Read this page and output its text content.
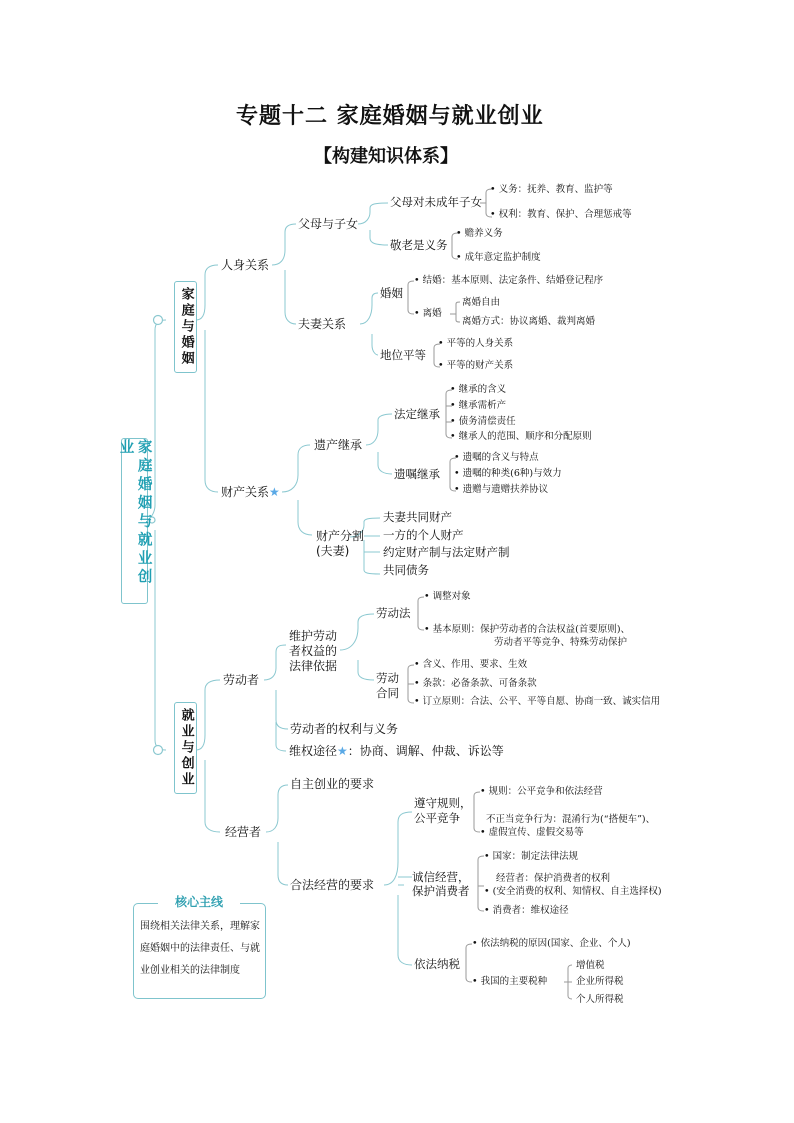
专题十二 家庭婚姻与就业创业
【构建知识体系】
家庭婚姻与就业创业
家庭与婚姻
就业与创业
人身关系
父母与子女
父母对未成年子女
• 义务：抚养、教育、监护等
• 权利：教育、保护、合理惩戒等
敬老是义务
• 赡养义务
• 成年意定监护制度
夫妻关系
婚姻
• 结婚：基本原则、法定条件、结婚登记程序
• 离婚
离婚自由
离婚方式：协议离婚、裁判离婚
地位平等
• 平等的人身关系
• 平等的财产关系
财产关系★
遗产继承
法定继承
• 继承的含义
• 继承需析产
• 债务清偿责任
• 继承人的范围、顺序和分配原则
遗嘱继承
• 遗嘱的含义与特点
• 遗嘱的种类(6种)与效力
• 遗赠与遗赠扶养协议
财产分割
(夫妻)
夫妻共同财产
一方的个人财产
约定财产制与法定财产制
共同债务
劳动者
维护劳动
者权益的
法律依据
劳动法
• 调整对象
• 基本原则：保护劳动者的合法权益(首要原则)、
劳动者平等竞争、特殊劳动保护
劳动
合同
• 含义、作用、要求、生效
• 条款：必备条款、可备条款
• 订立原则：合法、公平、平等自愿、协商一致、诚实信用
劳动者的权利与义务
维权途径★：协商、调解、仲裁、诉讼等
经营者
自主创业的要求
合法经营的要求
遵守规则，
公平竞争
• 规则：公平竞争和依法经营
不正当竞争行为：混淆行为(“搭便车”)、
• 虚假宣传、虚假交易等
诚信经营，
保护消费者
• 国家：制定法律法规
经营者：保护消费者的权利
• (安全消费的权利、知情权、自主选择权)
• 消费者：维权途径
依法纳税
• 依法纳税的原因(国家、企业、个人)
• 我国的主要税种
增值税
企业所得税
个人所得税
核心主线
围绕相关法律关系，理解家庭婚姻中的法律责任、与就业创业相关的法律制度
